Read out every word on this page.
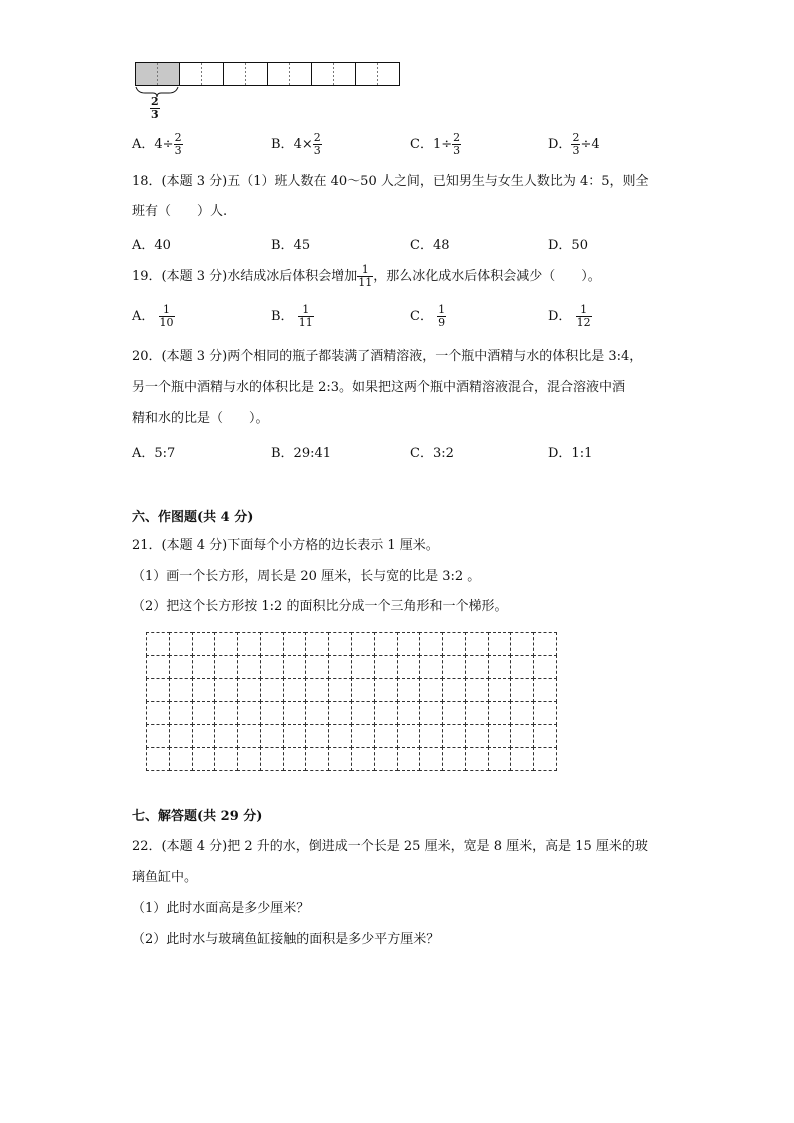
$\frac{2}{3}$
A．$4\div \frac{2}{3}$	B．$4\times \frac{2}{3}$	C．$1\div \frac{2}{3}$	D． $\frac{2}{3} \div 4$
18．(本题 3 分)五（1）班人数在 40～50 人之间，已知男生与女生人数比为 4：5，则全
班有（　　）人.
A．40	B．45	C．48	D．50
19．(本题 3 分)水结成冰后体积会增加 $\frac{1}{11}$ ，那么冰化成水后体积会减少（　　）。
A． $\frac{1}{10}$	B． $\frac{1}{11}$	C． $\frac{1}{9}$	D． $\frac{1}{12}$
20．(本题 3 分)两个相同的瓶子都装满了酒精溶液，一个瓶中酒精与水的体积比是 3:4，
另一个瓶中酒精与水的体积比是 2:3。如果把这两个瓶中酒精溶液混合，混合溶液中酒
精和水的比是（　　）。
A．5:7	B．29:41	C．3:2	D．1:1
六、作图题(共 4 分)
21．(本题 4 分)下面每个小方格的边长表示 1 厘米。
（1）画一个长方形，周长是 20 厘米，长与宽的比是 3:2 。
（2）把这个长方形按 1:2 的面积比分成一个三角形和一个梯形。
七、解答题(共 29 分)
22．(本题 4 分)把 2 升的水，倒进成一个长是 25 厘米，宽是 8 厘米，高是 15 厘米的玻
璃鱼缸中。
（1）此时水面高是多少厘米？
（2）此时水与玻璃鱼缸接触的面积是多少平方厘米？
